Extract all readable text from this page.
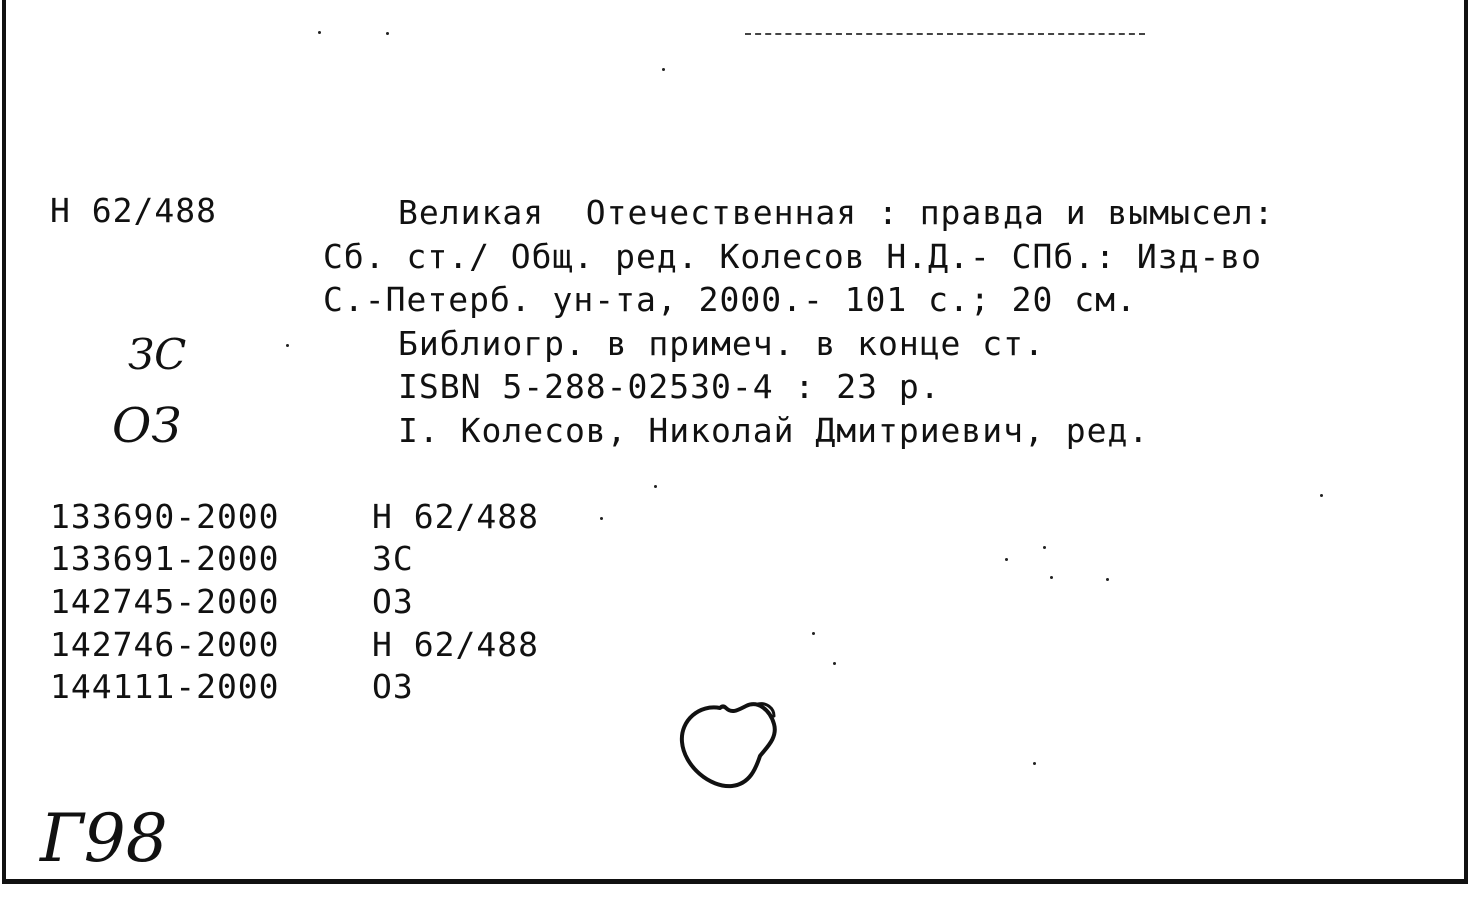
Н 62/488	Великая  Отечественная : правда и вымысел:
Сб. ст./ Общ. ред. Колесов Н.Д.- СПб.: Изд-во
С.-Петерб. ун-та, 2000.- 101 с.; 20 см.
Библиогр. в примеч. в конце ст.
ISBN 5-288-02530-4 : 23 р.
I. Колесов, Николай Дмитриевич, ред.
ЗС
ОЗ
133690-2000	Н 62/488
133691-2000	ЗС
142745-2000	ОЗ
142746-2000	Н 62/488
144111-2000	ОЗ
Г98
